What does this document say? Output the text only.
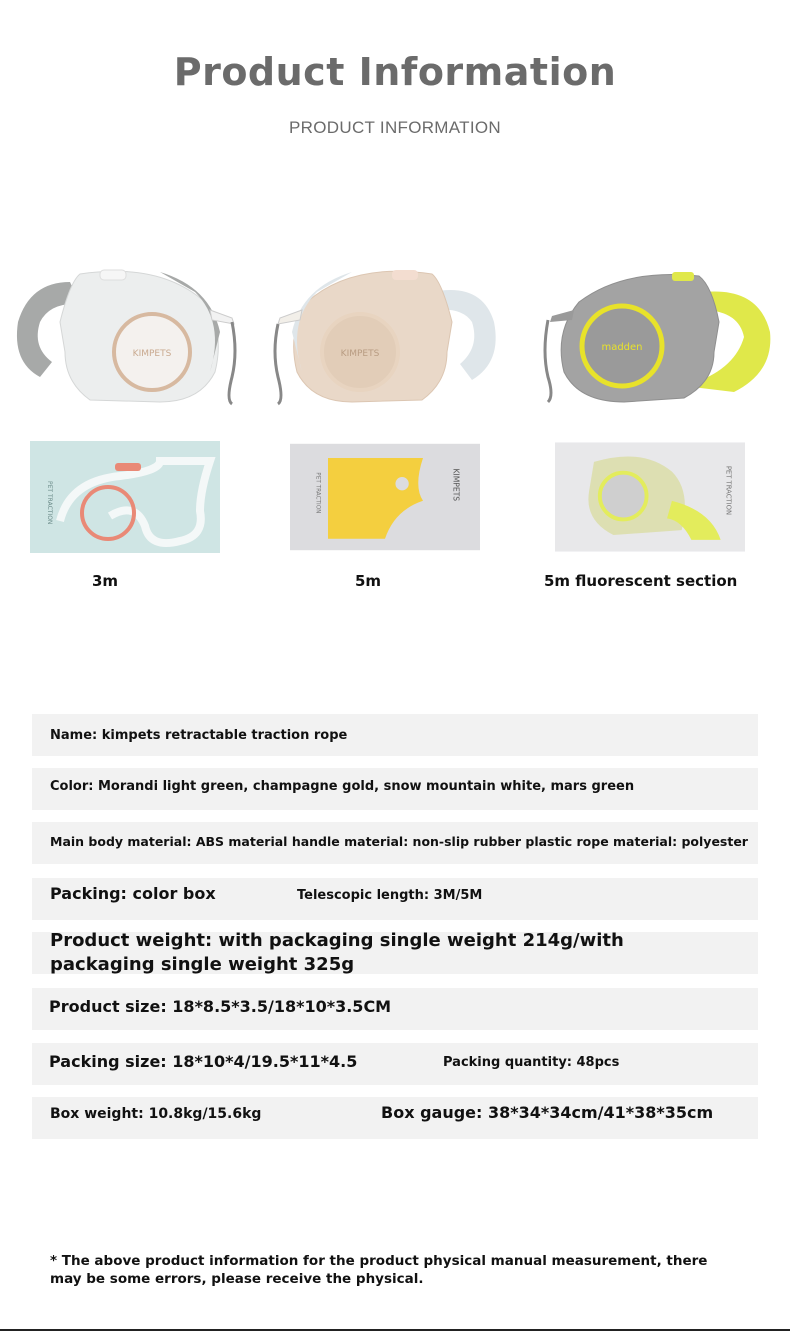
Product Information
PRODUCT INFORMATION
KIMPETS
PET TRACTION
3m
KIMPETS
PET TRACTION	KIMPETS
5m
madden
PET TRACTION
5m fluorescent section
Name: kimpets retractable traction rope
Color: Morandi light green, champagne gold, snow mountain white, mars green
Main body material: ABS material handle material: non-slip rubber plastic rope material: polyester
Packing: color box	Telescopic length: 3M/5M
Product weight: with packaging single weight 214g/with packaging single weight 325g
Product size: 18*8.5*3.5/18*10*3.5CM
Packing size: 18*10*4/19.5*11*4.5	Packing quantity: 48pcs
Box weight: 10.8kg/15.6kg	Box gauge: 38*34*34cm/41*38*35cm
* The above product information for the product physical manual measurement, there may be some errors, please receive the physical.
